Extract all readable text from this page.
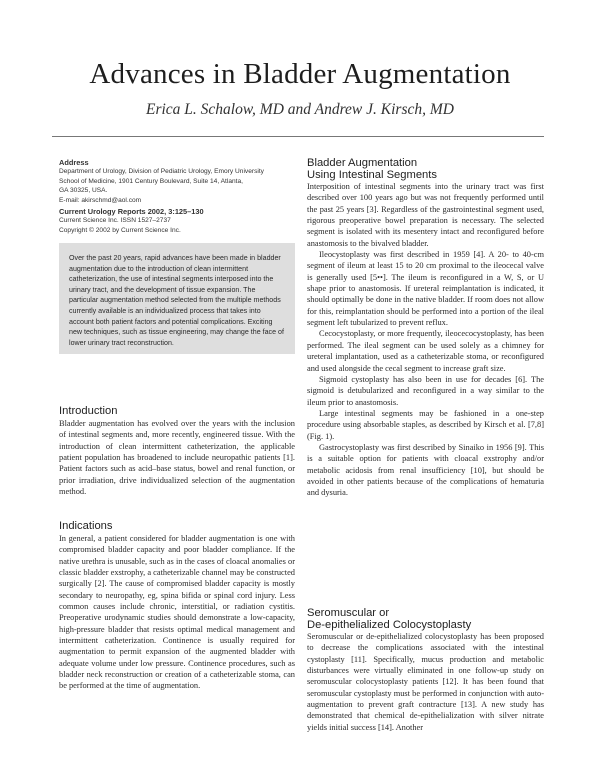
Advances in Bladder Augmentation
Erica L. Schalow, MD and Andrew J. Kirsch, MD
Address
Department of Urology, Division of Pediatric Urology, Emory University
School of Medicine, 1901 Century Boulevard, Suite 14, Atlanta,
GA 30325, USA.
E-mail: akirschmd@aol.com
Current Urology Reports 2002, 3:125–130
Current Science Inc. ISSN 1527–2737
Copyright © 2002 by Current Science Inc.

Over the past 20 years, rapid advances have been made in bladder augmentation due to the introduction of clean intermittent catheterization, the use of intestinal segments interposed into the urinary tract, and the development of tissue expansion. The particular augmentation method selected from the multiple methods currently available is an individualized process that takes into account both patient factors and potential complications. Exciting new techniques, such as tissue engineering, may change the face of lower urinary tract reconstruction.

Introduction

Bladder augmentation has evolved over the years with the inclusion of intestinal segments and, more recently, engineered tissue. With the introduction of clean intermittent catheterization, the applicable patient population has broadened to include neuropathic patients [1]. Patient factors such as acid–base status, bowel and renal function, or prior irradiation, drive individualized selection of the augmentation method.

Indications

In general, a patient considered for bladder augmentation is one with compromised bladder capacity and poor bladder compliance. If the native urethra is unusable, such as in the cases of cloacal anomalies or classic bladder exstrophy, a catheterizable channel may be constructed surgically [2]. The cause of compromised bladder capacity is mostly secondary to neuropathy, eg, spina bifida or spinal cord injury. Less common causes include chronic, interstitial, or radiation cystitis. Preoperative urodynamic studies should demonstrate a low-capacity, high-pressure bladder that resists optimal medical management and intermittent catheterization. Continence is usually required for augmentation to permit expansion of the augmented bladder with adequate volume under low pressure. Continence procedures, such as bladder neck reconstruction or creation of a catheterizable stoma, can be performed at the time of augmentation.

Bladder Augmentation
Using Intestinal Segments

Interposition of intestinal segments into the urinary tract was first described over 100 years ago but was not frequently performed until the past 25 years [3]. Regardless of the gastrointestinal segment used, rigorous preoperative bowel preparation is necessary. The selected segment is isolated with its mesentery intact and reconfigured before anastomosis to the bivalved bladder.

Ileocystoplasty was first described in 1959 [4]. A 20- to 40-cm segment of ileum at least 15 to 20 cm proximal to the ileocecal valve is generally used [5••]. The ileum is reconfigured in a W, S, or U shape prior to anastomosis. If ureteral reimplantation is indicated, it should optimally be done in the native bladder. If room does not allow for this, reimplantation should be performed into a portion of the ileal segment left tubularized to prevent reflux.

Cecocystoplasty, or more frequently, ileocecocystoplasty, has been performed. The ileal segment can be used solely as a chimney for ureteral implantation, used as a catheterizable stoma, or reconfigured and used alongside the cecal segment to increase graft size.

Sigmoid cystoplasty has also been in use for decades [6]. The sigmoid is detubularized and reconfigured in a way similar to the ileum prior to anastomosis.

Large intestinal segments may be fashioned in a one-step procedure using absorbable staples, as described by Kirsch et al. [7,8] (Fig. 1).

Gastrocystoplasty was first described by Sinaiko in 1956 [9]. This is a suitable option for patients with cloacal exstrophy and/or metabolic acidosis from renal insufficiency [10], but should be avoided in other patients because of the complications of hematuria and dysuria.

Seromuscular or
De-epithelialized Colocystoplasty

Seromuscular or de-epithelialized colocystoplasty has been proposed to decrease the complications associated with the intestinal cystoplasty [11]. Specifically, mucus production and metabolic disturbances were virtually eliminated in one follow-up study on seromuscular colocystoplasty patients [12]. It has been found that seromuscular cystoplasty must be performed in conjunction with auto-augmentation to prevent graft contracture [13]. A new study has demonstrated that chemical de-epithelialization with silver nitrate yields initial success [14]. Another
